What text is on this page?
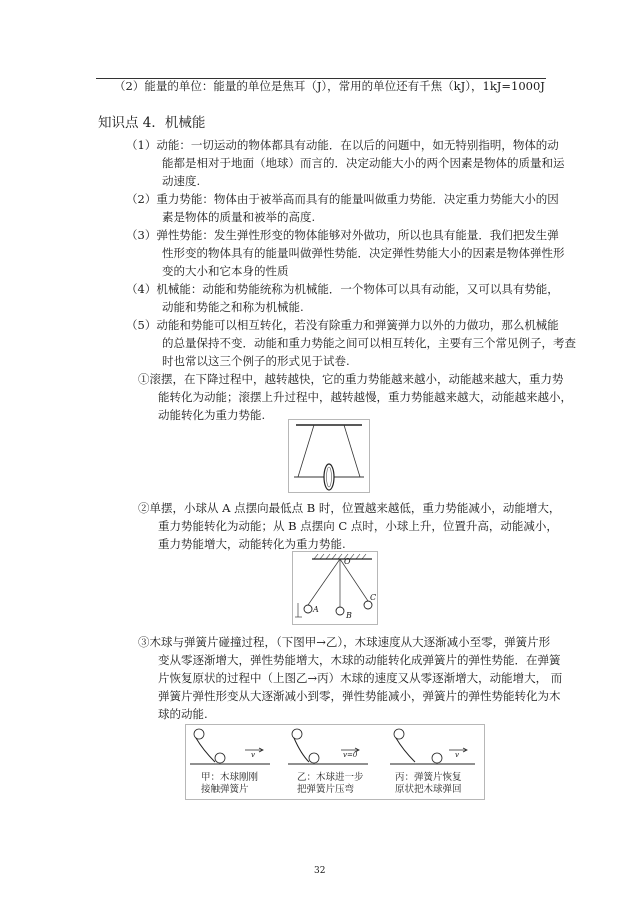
（2）能量的单位：能量的单位是焦耳（J），常用的单位还有千焦（kJ），1kJ=1000J
知识点 4．机械能
（1）动能：一切运动的物体都具有动能．在以后的问题中，如无特别指明，物体的动
能都是相对于地面（地球）而言的．决定动能大小的两个因素是物体的质量和运
动速度.
（2）重力势能：物体由于被举高而具有的能量叫做重力势能．决定重力势能大小的因
素是物体的质量和被举的高度.
（3）弹性势能：发生弹性形变的物体能够对外做功，所以也具有能量．我们把发生弹
性形变的物体具有的能量叫做弹性势能．决定弹性势能大小的因素是物体弹性形
变的大小和它本身的性质
（4）机械能：动能和势能统称为机械能．一个物体可以具有动能，又可以具有势能，
动能和势能之和称为机械能.
（5）动能和势能可以相互转化，若没有除重力和弹簧弹力以外的力做功，那么机械能
的总量保持不变．动能和重力势能之间可以相互转化，主要有三个常见例子，考查
时也常以这三个例子的形式见于试卷.
①滚摆，在下降过程中，越转越快，它的重力势能越来越小，动能越来越大，重力势
能转化为动能；滚摆上升过程中，越转越慢，重力势能越来越大，动能越来越小，
动能转化为重力势能.
②单摆，小球从 A 点摆向最低点 B 时，位置越来越低，重力势能减小，动能增大，
重力势能转化为动能；从 B 点摆向 C 点时，小球上升，位置升高，动能减小，
重力势能增大，动能转化为重力势能.
O
A
B
C
③木球与弹簧片碰撞过程，（下图甲→乙），木球速度从大逐渐减小至零，弹簧片形
变从零逐渐增大，弹性势能增大，木球的动能转化成弹簧片的弹性势能．在弹簧
片恢复原状的过程中（上图乙→丙）木球的速度又从零逐渐增大，动能增大， 而
弹簧片弹性形变从大逐渐减小到零，弹性势能减小，弹簧片的弹性势能转化为木
球的动能.
v	v=0	v
甲：木球刚刚
接触弹簧片
乙：木球进一步
把弹簧片压弯
丙：弹簧片恢复
原状把木球弹回
32
